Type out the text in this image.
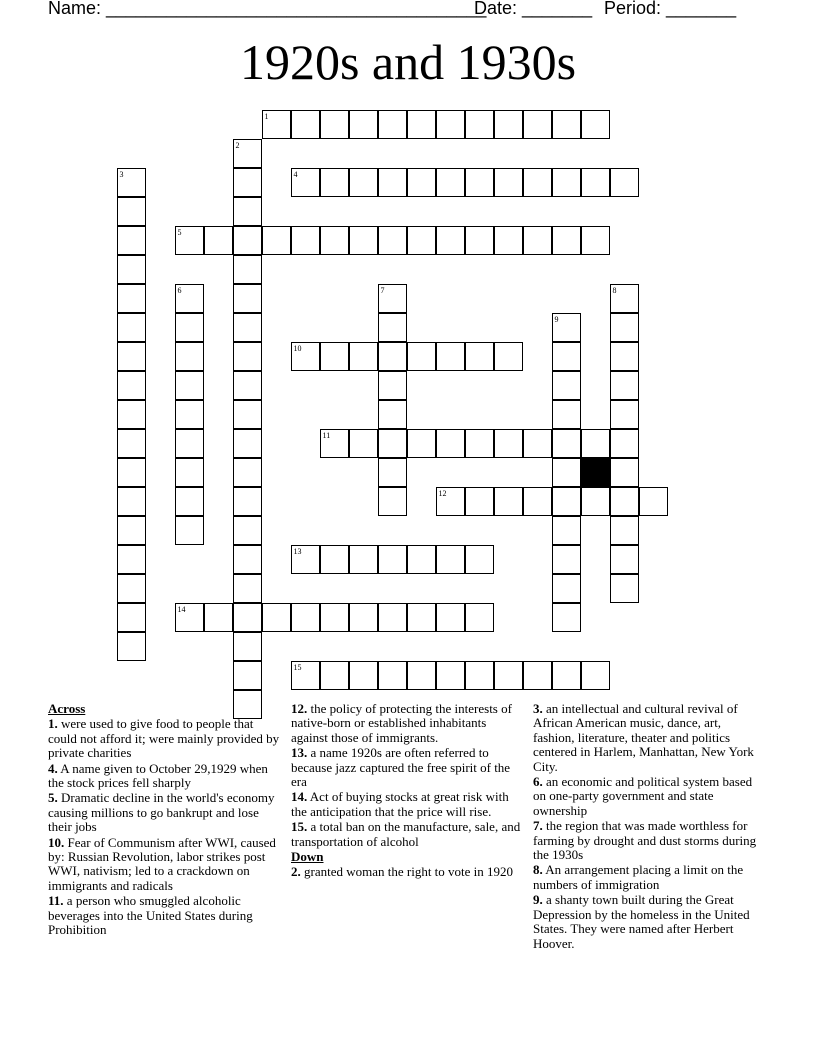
Name: ______________________________________
Date: _______ Period: _______
1920s and 1930s
1
2
3	4
5
6	7	8
9
10
11
12
13
14
15
Across
1. were used to give food to people that could not afford it; were mainly provided by private charities
4. A name given to October 29,1929 when the stock prices fell sharply
5. Dramatic decline in the world's economy causing millions to go bankrupt and lose their jobs
10. Fear of Communism after WWI, caused by: Russian Revolution, labor strikes post WWI, nativism; led to a crackdown on immigrants and radicals
11. a person who smuggled alcoholic beverages into the United States during Prohibition
12. the policy of protecting the interests of native-born or established inhabitants against those of immigrants.
13. a name 1920s are often referred to because jazz captured the free spirit of the era
14. Act of buying stocks at great risk with the anticipation that the price will rise.
15. a total ban on the manufacture, sale, and transportation of alcohol
Down
2. granted woman the right to vote in 1920
3. an intellectual and cultural revival of African American music, dance, art, fashion, literature, theater and politics centered in Harlem, Manhattan, New York City.
6. an economic and political system based on one-party government and state ownership
7. the region that was made worthless for farming by drought and dust storms during the 1930s
8. An arrangement placing a limit on the numbers of immigration
9. a shanty town built during the Great Depression by the homeless in the United States. They were named after Herbert Hoover.
